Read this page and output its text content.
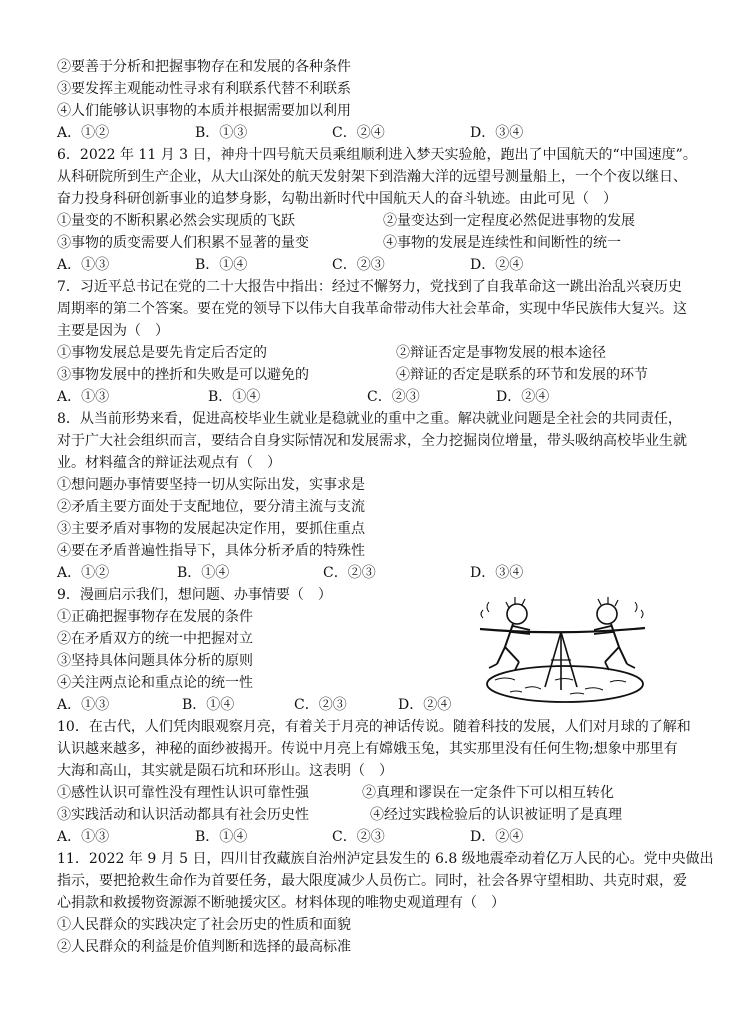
②要善于分析和把握事物存在和发展的各种条件
③要发挥主观能动性寻求有利联系代替不利联系
④人们能够认识事物的本质并根据需要加以利用
A．①②	B．①③	C．②④	D．③④
6．2022 年 11 月 3 日，神舟十四号航天员乘组顺利进入梦天实验舱，跑出了中国航天的“中国速度”。
从科研院所到生产企业，从大山深处的航天发射架下到浩瀚大洋的远望号测量船上，一个个夜以继日、
奋力投身科研创新事业的追梦身影，勾勒出新时代中国航天人的奋斗轨迹。由此可见（　）
①量变的不断积累必然会实现质的飞跃	②量变达到一定程度必然促进事物的发展
③事物的质变需要人们积累不显著的量变	④事物的发展是连续性和间断性的统一
A．①③	B．①④	C．②③	D．②④
7．习近平总书记在党的二十大报告中指出：经过不懈努力，党找到了自我革命这一跳出治乱兴衰历史
周期率的第二个答案。要在党的领导下以伟大自我革命带动伟大社会革命，实现中华民族伟大复兴。这
主要是因为（　）
①事物发展总是要先肯定后否定的	②辩证否定是事物发展的根本途径
③事物发展中的挫折和失败是可以避免的	④辩证的否定是联系的环节和发展的环节
A．①③	B．①④	C．②③	D．②④
8．从当前形势来看，促进高校毕业生就业是稳就业的重中之重。解决就业问题是全社会的共同责任，
对于广大社会组织而言，要结合自身实际情况和发展需求，全力挖掘岗位增量，带头吸纳高校毕业生就
业。材料蕴含的辩证法观点有（　）
①想问题办事情要坚持一切从实际出发，实事求是
②矛盾主要方面处于支配地位，要分清主流与支流
③主要矛盾对事物的发展起决定作用，要抓住重点
④要在矛盾普遍性指导下，具体分析矛盾的特殊性
A．①②	B．①④	C．②③	D．③④
9．漫画启示我们，想问题、办事情要（　）
①正确把握事物存在发展的条件
②在矛盾双方的统一中把握对立
③坚持具体问题具体分析的原则
④关注两点论和重点论的统一性
A．①③	B．①④	C．②③	D．②④
10．在古代，人们凭肉眼观察月亮，有着关于月亮的神话传说。随着科技的发展，人们对月球的了解和
认识越来越多，神秘的面纱被揭开。传说中月亮上有嫦娥玉兔，其实那里没有任何生物;想象中那里有
大海和高山，其实就是陨石坑和环形山。这表明（　）
①感性认识可靠性没有理性认识可靠性强	②真理和谬误在一定条件下可以相互转化
③实践活动和认识活动都具有社会历史性	④经过实践检验后的认识被证明了是真理
A．①③	B．①④	C．②③	D．②④
11．2022 年 9 月 5 日，四川甘孜藏族自治州泸定县发生的 6.8 级地震牵动着亿万人民的心。党中央做出
指示，要把抢救生命作为首要任务，最大限度减少人员伤亡。同时，社会各界守望相助、共克时艰，爱
心捐款和救援物资源源不断驰援灾区。材料体现的唯物史观道理有（　）
①人民群众的实践决定了社会历史的性质和面貌
②人民群众的利益是价值判断和选择的最高标准
